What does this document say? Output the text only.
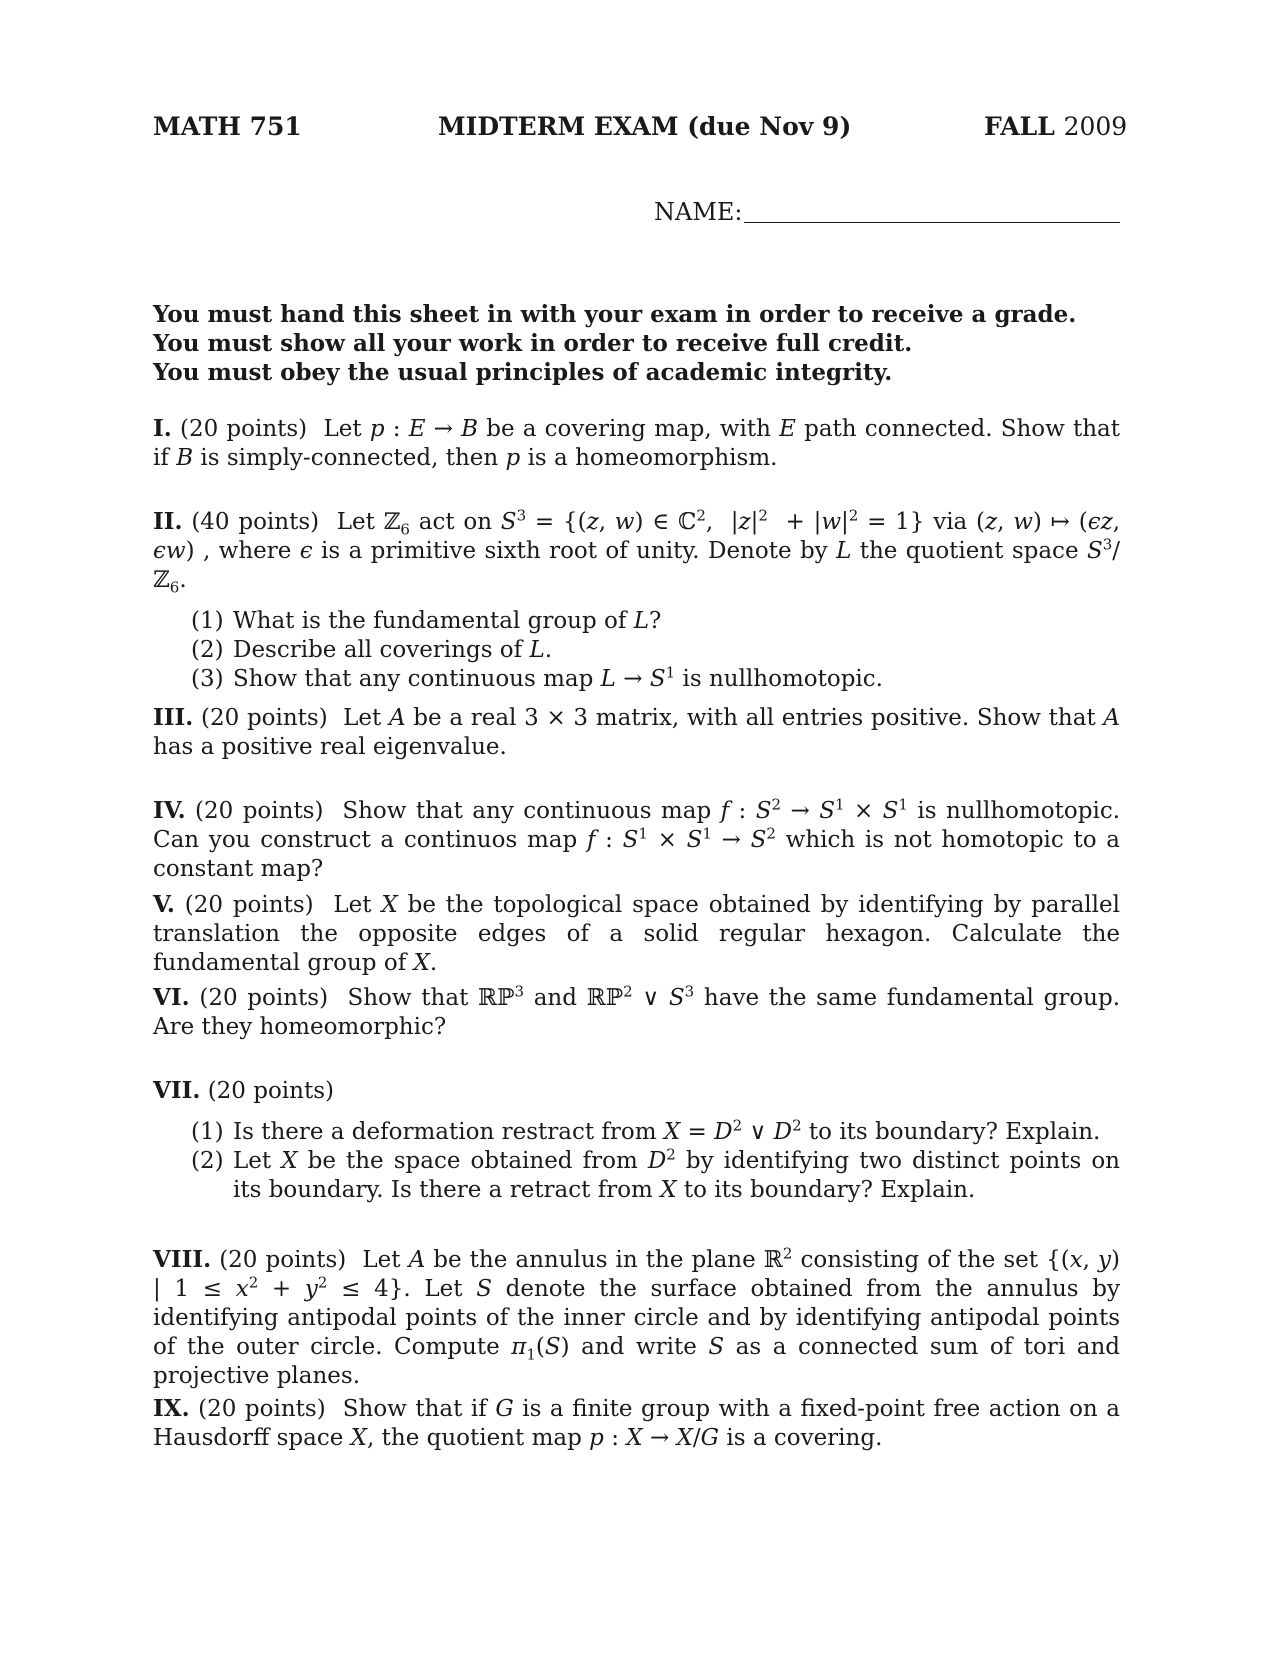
MATH 751	MIDTERM EXAM (due Nov 9)	FALL 2009
NAME:
You must hand this sheet in with your exam in order to receive a grade.
You must show all your work in order to receive full credit.
You must obey the usual principles of academic integrity.
I. (20 points)  Let p : E → B be a covering map, with E path connected. Show that if B is simply-connected, then p is a homeomorphism.
II. (40 points)  Let ℤ$_6$ act on $S^3 = \{(z$, w) ∈ ℂ$^2$,  $|z|^2 + |w|^2 = 1$} via (z, w) ↦ (ϵz, ϵw) , where ϵ is a primitive sixth root of unity. Denote by L the quotient space $S^3/ℤ_6$.
(1) What is the fundamental group of L?
(2) Describe all coverings of L.
(3) Show that any continuous map $L \to S^1$ is nullhomotopic.
III. (20 points)  Let A be a real 3 × 3 matrix, with all entries positive. Show that A has a positive real eigenvalue.
IV. (20 points)  Show that any continuous map f : $S^2 \to S^1 \times S^1$ is nullhomotopic. Can you construct a continuos map f : $S^1 \times S^1 \to S^2$ which is not homotopic to a constant map?
V. (20 points)  Let X be the topological space obtained by identifying by parallel translation the opposite edges of a solid regular hexagon. Calculate the fundamental group of X.
VI. (20 points)  Show that ℝℙ$^3$ and ℝℙ$^2$ ∨ $S^3$ have the same fundamental group. Are they homeomorphic?
VII. (20 points)
(1) Is there a deformation restract from $X = D^2$ ∨ $D^2$ to its boundary? Explain.
(2) Let X be the space obtained from $D^2$ by identifying two distinct points on its boundary. Is there a retract from X to its boundary? Explain.
VIII. (20 points)  Let A be the annulus in the plane ℝ$^2$ consisting of the set {(x, y) | $1 \le x^2 + y^2 \le 4$}. Let S denote the surface obtained from the annulus by identifying antipodal points of the inner circle and by identifying antipodal points of the outer circle. Compute $\pi_1(S)$ and write S as a connected sum of tori and projective planes.
IX. (20 points)  Show that if G is a finite group with a fixed-point free action on a Hausdorff space X, the quotient map p : X → X/G is a covering.
